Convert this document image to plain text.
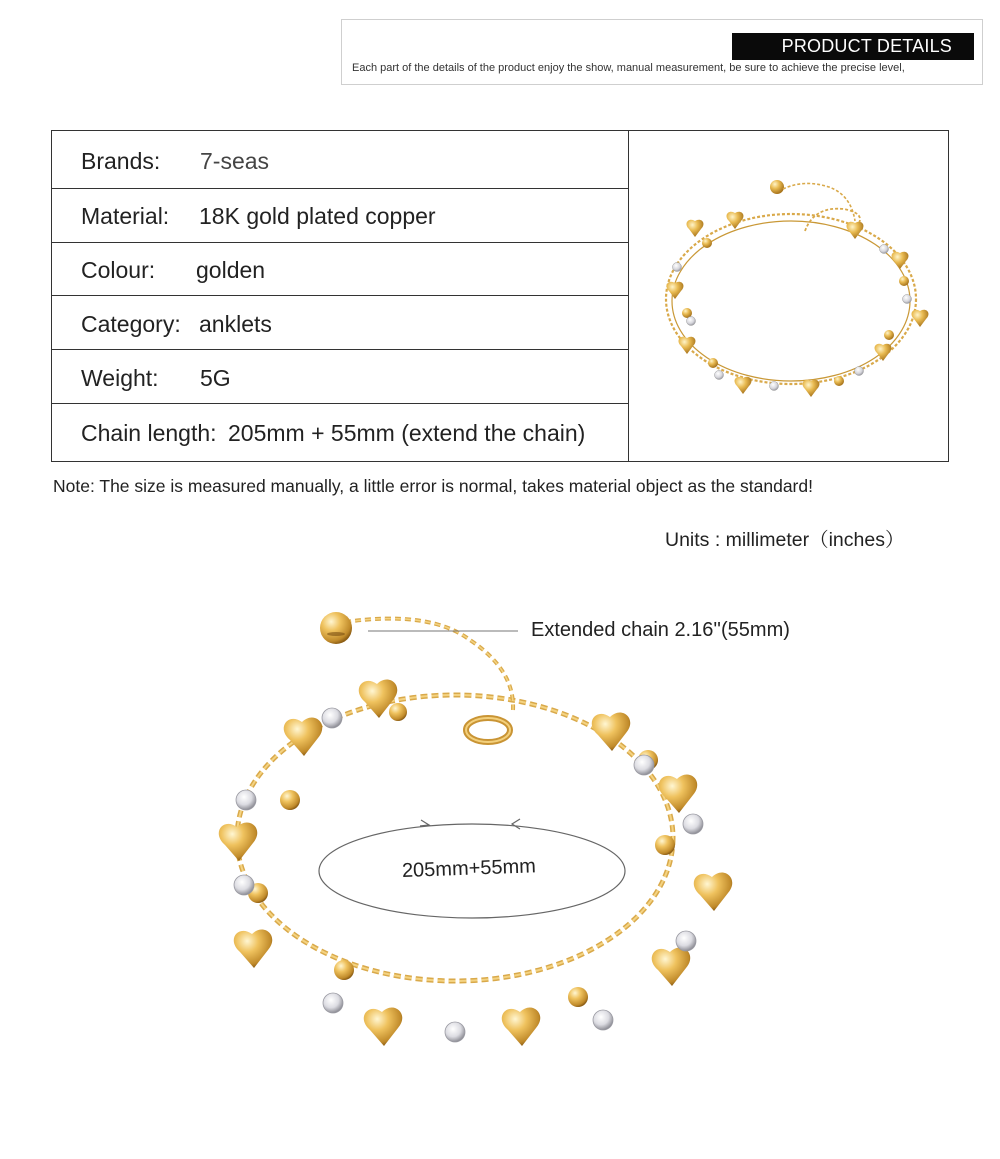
PRODUCT DETAILS
Each part of the details of the product enjoy the show, manual measurement, be sure to achieve the precise level,
Brands: 7-seas
Material: 18K gold plated copper
Colour: golden
Category: anklets
Weight: 5G
Chain length: 205mm + 55mm (extend the chain)
Note: The size is measured manually, a little error is normal, takes material object as the standard!
Units : millimeter（inches）
Extended chain 2.16''(55mm)
205mm+55mm
